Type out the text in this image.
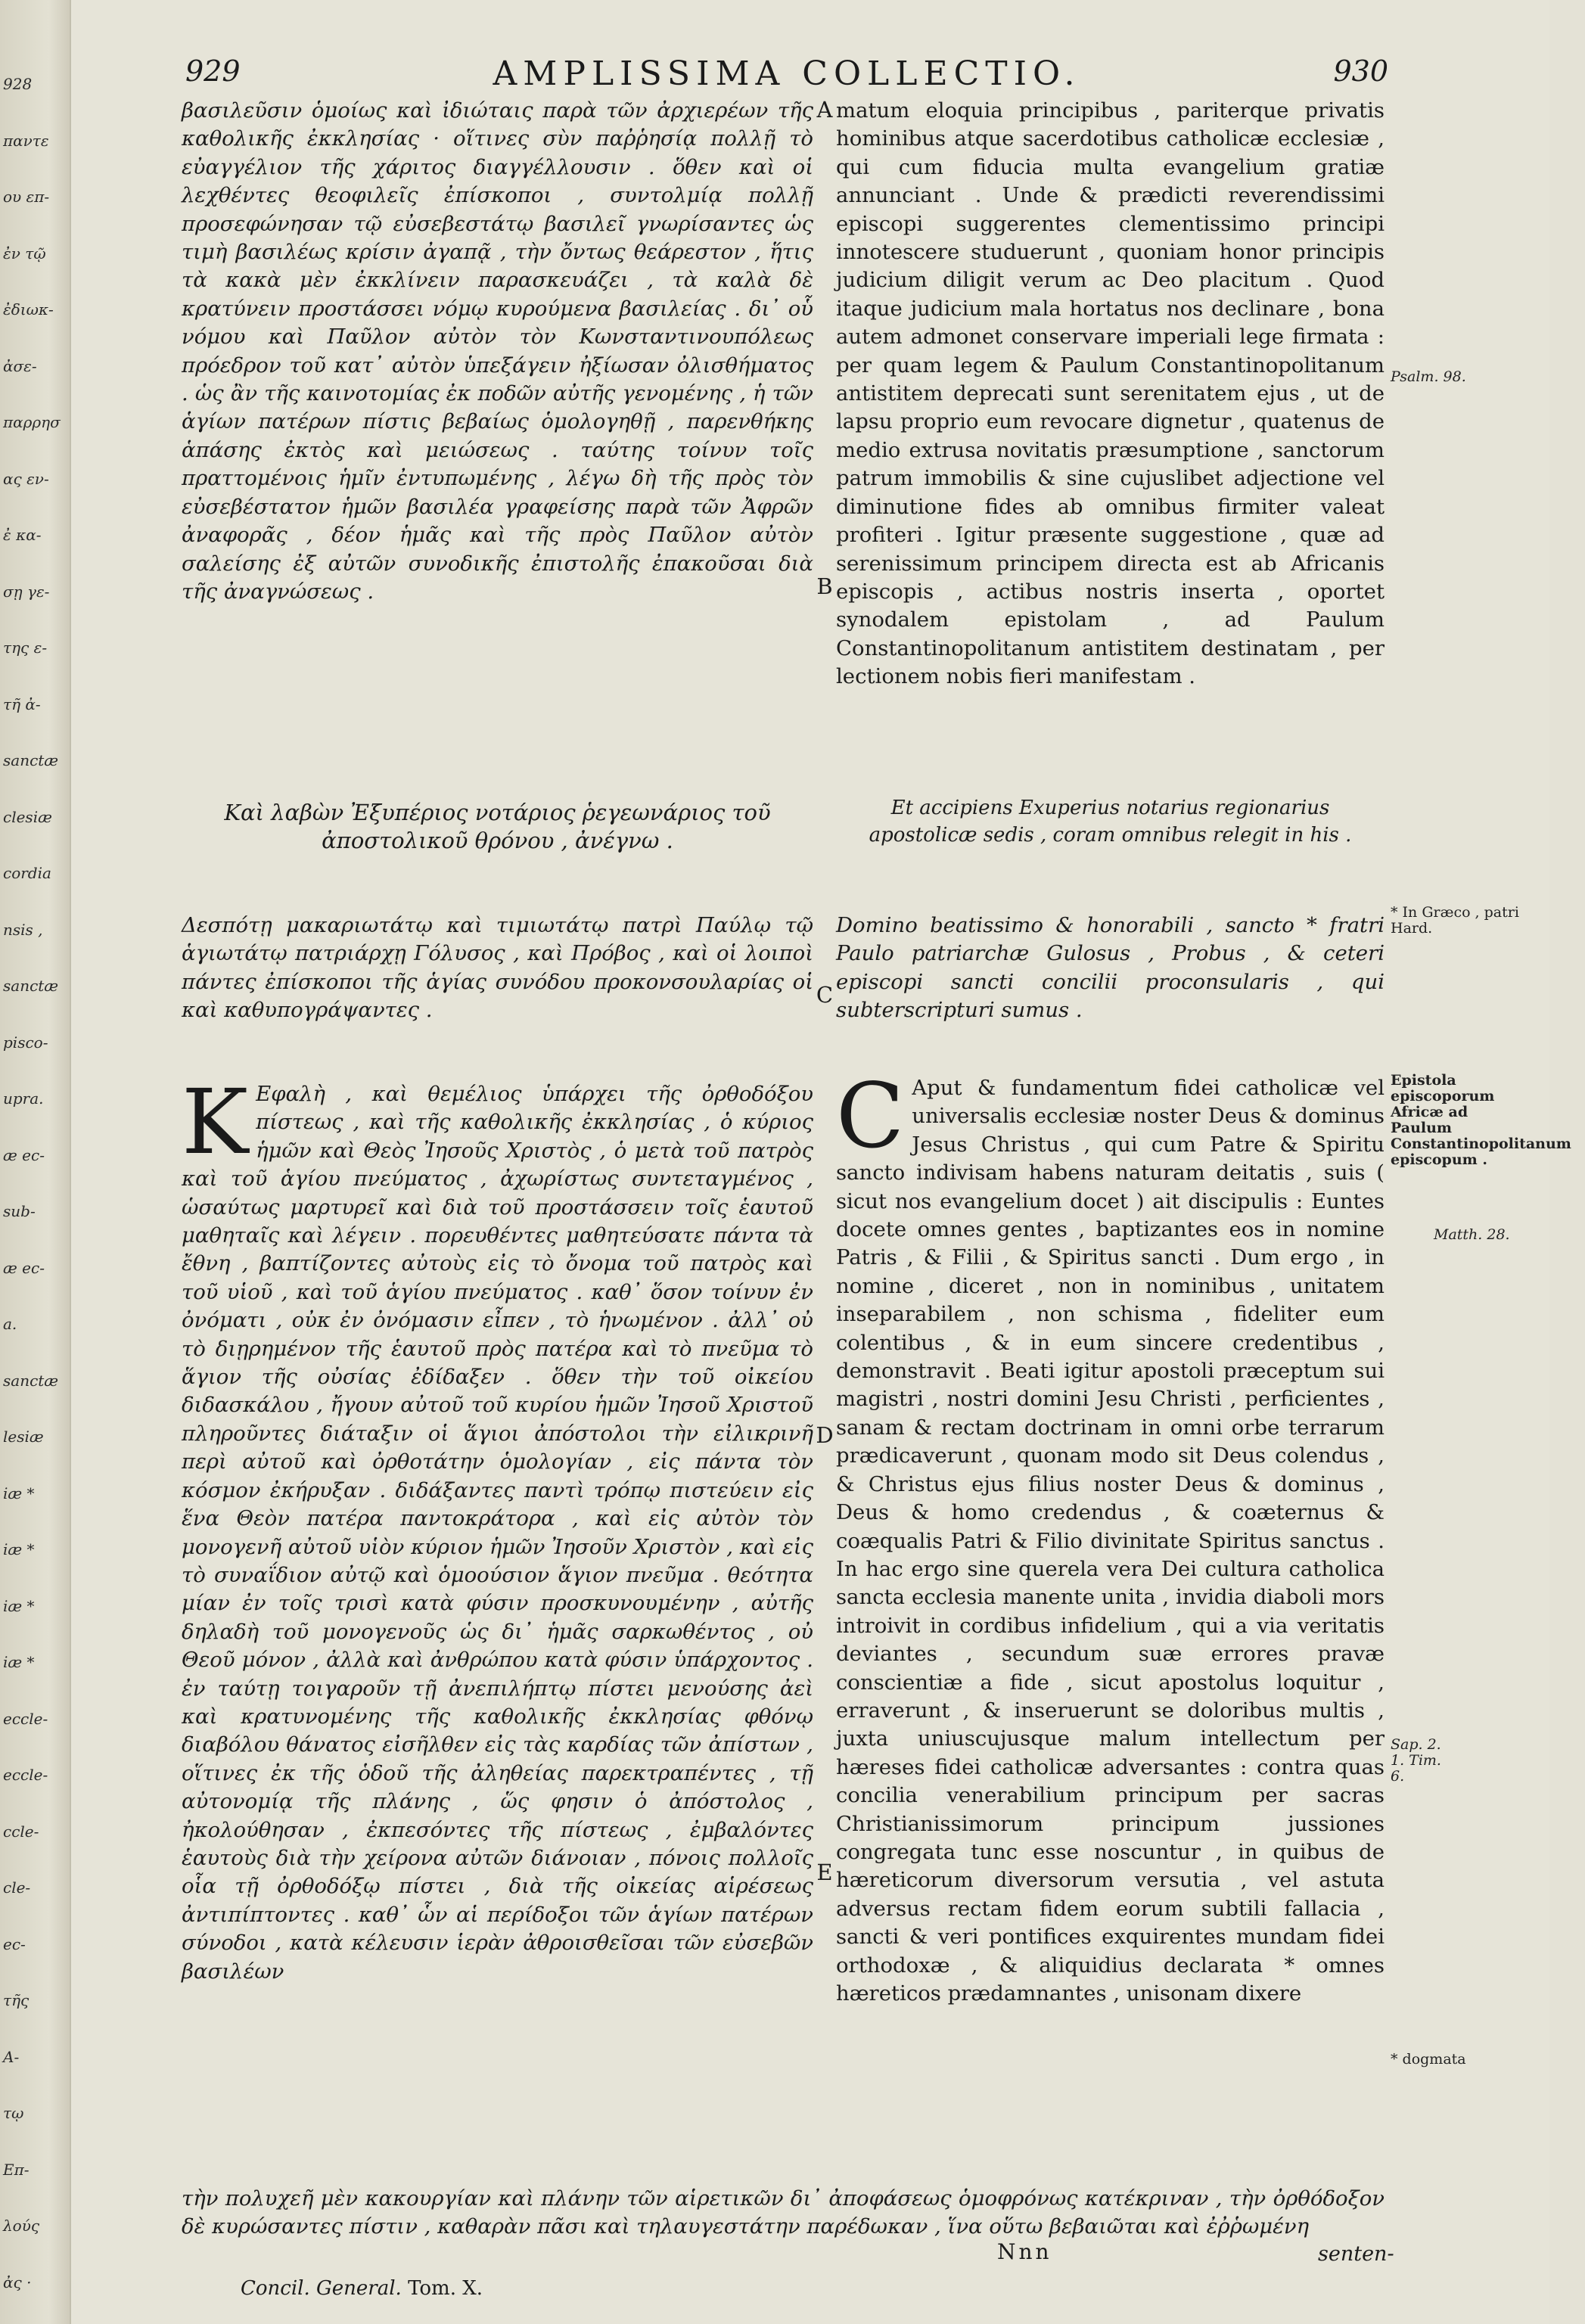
928
παντε
ου επ-
ἐν τῷ
ἐδιωκ-
ἀσε-
παρρησ
ας εν-
ἐ κα-
σῃ γε-
της ε-
τῆ ἀ-
sanctæ
clesiæ
cordia
nsis ,
sanctæ
pisco-
upra.
æ ec-
sub-
æ ec-
a.
sanctæ
lesiæ
iæ *
iæ *
iæ *
iæ *
eccle-
eccle-
ccle-
cle-
ec-
τῆς
Α-
τῳ
Επ-
λούς
ἀς ·
929	AMPLISSIMA COLLECTIO.	930

βασιλεῦσιν ὁμοίως καὶ ἰδιώταις παρὰ τῶν ἀρχιερέων τῆς καθολικῆς ἐκκλησίας · οἵτινες σὺν παῤῥησίᾳ πολλῇ τὸ εὐαγγέλιον τῆς χάριτος διαγγέλλουσιν . ὅθεν καὶ οἱ λεχθέντες θεοφιλεῖς ἐπίσκοποι , συντολμίᾳ πολλῇ προσεφώνησαν τῷ εὐσεβεστάτῳ βασιλεῖ γνωρίσαντες ὡς τιμὴ βασιλέως κρίσιν ἀγαπᾷ , τὴν ὄντως θεάρεστον , ἥτις τὰ κακὰ μὲν ἐκκλίνειν παρασκευάζει , τὰ καλὰ δὲ κρατύνειν προστάσσει νόμῳ κυρούμενα βασιλείας . δι᾽ οὗ νόμου καὶ Παῦλον αὐτὸν τὸν Κωνσταντινουπόλεως πρόεδρον τοῦ κατ᾽ αὐτὸν ὑπεξάγειν ἠξίωσαν ὀλισθήματος . ὡς ἂν τῆς καινοτομίας ἐκ ποδῶν αὐτῆς γενομένης , ἡ τῶν ἁγίων πατέρων πίστις βεβαίως ὁμολογηθῇ , παρενθήκης ἁπάσης ἐκτὸς καὶ μειώσεως . ταύτης τοίνυν τοῖς πραττομένοις ἡμῖν ἐντυπωμένης , λέγω δὴ τῆς πρὸς τὸν εὐσεβέστατον ἡμῶν βασιλέα γραφείσης παρὰ τῶν Ἀφρῶν ἀναφορᾶς , δέον ἡμᾶς καὶ τῆς πρὸς Παῦλον αὐτὸν σαλείσης ἐξ αὐτῶν συνοδικῆς ἐπιστολῆς ἐπακοῦσαι διὰ τῆς ἀναγνώσεως .

Καὶ λαβὼν Ἐξυπέριος νοτάριος ῥεγεωνάριος τοῦ ἀποστολικοῦ θρόνου , ἀνέγνω .

Δεσπότῃ μακαριωτάτῳ καὶ τιμιωτάτῳ πατρὶ Παύλῳ τῷ ἁγιωτάτῳ πατριάρχῃ Γόλυσος , καὶ Πρόβος , καὶ οἱ λοιποὶ πάντες ἐπίσκοποι τῆς ἁγίας συνόδου προκονσουλαρίας οἱ καὶ καθυπογράψαντες .

Κ Εφαλὴ , καὶ θεμέλιος ὑπάρχει τῆς ὀρθοδόξου πίστεως , καὶ τῆς καθολικῆς ἐκκλησίας , ὁ κύριος ἡμῶν καὶ Θεὸς Ἰησοῦς Χριστὸς , ὁ μετὰ τοῦ πατρὸς καὶ τοῦ ἁγίου πνεύματος , ἀχωρίστως συντεταγμένος , ὡσαύτως μαρτυρεῖ καὶ διὰ τοῦ προστάσσειν τοῖς ἑαυτοῦ μαθηταῖς καὶ λέγειν . πορευθέντες μαθητεύσατε πάντα τὰ ἔθνη , βαπτίζοντες αὐτοὺς εἰς τὸ ὄνομα τοῦ πατρὸς καὶ τοῦ υἱοῦ , καὶ τοῦ ἁγίου πνεύματος . καθ᾽ ὅσον τοίνυν ἐν ὀνόματι , οὐκ ἐν ὀνόμασιν εἶπεν , τὸ ἡνωμένον . ἀλλ᾽ οὐ τὸ διῃρημένον τῆς ἑαυτοῦ πρὸς πατέρα καὶ τὸ πνεῦμα τὸ ἅγιον τῆς οὐσίας ἐδίδαξεν . ὅθεν τὴν τοῦ οἰκείου διδασκάλου , ἤγουν αὐτοῦ τοῦ κυρίου ἡμῶν Ἰησοῦ Χριστοῦ πληροῦντες διάταξιν οἱ ἅγιοι ἀπόστολοι τὴν εἰλικρινῆ περὶ αὐτοῦ καὶ ὀρθοτάτην ὁμολογίαν , εἰς πάντα τὸν κόσμον ἐκήρυξαν . διδάξαντες παντὶ τρόπῳ πιστεύειν εἰς ἕνα Θεὸν πατέρα παντοκράτορα , καὶ εἰς αὐτὸν τὸν μονογενῆ αὐτοῦ υἱὸν κύριον ἡμῶν Ἰησοῦν Χριστὸν , καὶ εἰς τὸ συναΐδιον αὐτῷ καὶ ὁμοούσιον ἅγιον πνεῦμα . θεότητα μίαν ἐν τοῖς τρισὶ κατὰ φύσιν προσκυνουμένην , αὐτῆς δηλαδὴ τοῦ μονογενοῦς ὡς δι᾽ ἡμᾶς σαρκωθέντος , οὐ Θεοῦ μόνον , ἀλλὰ καὶ ἀνθρώπου κατὰ φύσιν ὑπάρχοντος . ἐν ταύτῃ τοιγαροῦν τῇ ἀνεπιλήπτῳ πίστει μενούσης ἀεὶ καὶ κρατυνομένης τῆς καθολικῆς ἐκκλησίας φθόνῳ διαβόλου θάνατος εἰσῆλθεν εἰς τὰς καρδίας τῶν ἀπίστων , οἵτινες ἐκ τῆς ὁδοῦ τῆς ἀληθείας παρεκτραπέντες , τῇ αὐτονομίᾳ τῆς πλάνης , ὥς φησιν ὁ ἀπόστολος , ἠκολούθησαν , ἐκπεσόντες τῆς πίστεως , ἐμβαλόντες ἑαυτοὺς διὰ τὴν χείρονα αὐτῶν διάνοιαν , πόνοις πολλοῖς οἷα τῇ ὀρθοδόξῳ πίστει , διὰ τῆς οἰκείας αἱρέσεως ἀντιπίπτοντες . καθ᾽ ὧν αἱ περίδοξοι τῶν ἁγίων πατέρων σύνοδοι , κατὰ κέλευσιν ἱερὰν ἀθροισθεῖσαι τῶν εὐσεβῶν βασιλέων

matum eloquia principibus , pariterque privatis hominibus atque sacerdotibus catholicæ ecclesiæ , qui cum fiducia multa evangelium gratiæ annunciant . Unde & prædicti reverendissimi episcopi suggerentes clementissimo principi innotescere studuerunt , quoniam honor principis judicium diligit verum ac Deo placitum . Quod itaque judicium mala hortatus nos declinare , bona autem admonet conservare imperiali lege firmata : per quam legem & Paulum Constantinopolitanum antistitem deprecati sunt serenitatem ejus , ut de lapsu proprio eum revocare dignetur , quatenus de medio extrusa novitatis præsumptione , sanctorum patrum immobilis & sine cujuslibet adjectione vel diminutione fides ab omnibus firmiter valeat profiteri . Igitur præsente suggestione , quæ ad serenissimum principem directa est ab Africanis episcopis , actibus nostris inserta , oportet synodalem epistolam , ad Paulum Constantinopolitanum antistitem destinatam , per lectionem nobis fieri manifestam .

Et accipiens Exuperius notarius regionarius apostolicæ sedis , coram omnibus relegit in his .

Domino beatissimo & honorabili , sancto * fratri Paulo patriarchæ Gulosus , Probus , & ceteri episcopi sancti concilii proconsularis , qui subterscripturi sumus .

C Aput & fundamentum fidei catholicæ vel universalis ecclesiæ noster Deus & dominus Jesus Christus , qui cum Patre & Spiritu sancto indivisam habens naturam deitatis , suis ( sicut nos evangelium docet ) ait discipulis : Euntes docete omnes gentes , baptizantes eos in nomine Patris , & Filii , & Spiritus sancti . Dum ergo , in nomine , diceret , non in nominibus , unitatem inseparabilem , non schisma , fideliter eum colentibus , & in eum sincere credentibus , demonstravit . Beati igitur apostoli præceptum sui magistri , nostri domini Jesu Christi , perficientes , sanam & rectam doctrinam in omni orbe terrarum prædicaverunt , quonam modo sit Deus colendus , & Christus ejus filius noster Deus & dominus , Deus & homo credendus , & coæternus & coæqualis Patri & Filio divinitate Spiritus sanctus . In hac ergo sine querela vera Dei cultura catholica sancta ecclesia manente unita , invidia diaboli mors introivit in cordibus infidelium , qui a via veritatis deviantes , secundum suæ errores pravæ conscientiæ a fide , sicut apostolus loquitur , erraverunt , & inseruerunt se doloribus multis , juxta uniuscujusque malum intellectum per hæreses fidei catholicæ adversantes : contra quas concilia venerabilium principum per sacras Christianissimorum principum jussiones congregata tunc esse noscuntur , in quibus de hæreticorum diversorum versutia , vel astuta adversus rectam fidem eorum subtili fallacia , sancti & veri pontifices exquirentes mundam fidei orthodoxæ , & aliquidius declarata * omnes hæreticos prædamnantes , unisonam dixere

A
B
C
D
E
Psalm. 98.
* In Græco , patri Hard.
Epistola episcoporum Africæ ad Paulum Constantinopolitanum episcopum .
Matth. 28.
Sap. 2. 1. Tim. 6.
* dogmata
τὴν πολυχεῆ μὲν κακουργίαν καὶ πλάνην τῶν αἱρετικῶν δι᾽ ἀποφάσεως ὁμοφρόνως κατέκριναν , τὴν ὀρθόδοξον δὲ κυρώσαντες πίστιν , καθαρὰν πᾶσι καὶ τηλαυγεστάτην παρέδωκαν , ἵνα οὕτω βεβαιῶται καὶ ἐῤῥωμένη
Concil. General. Tom. X.
Nnn	senten-
